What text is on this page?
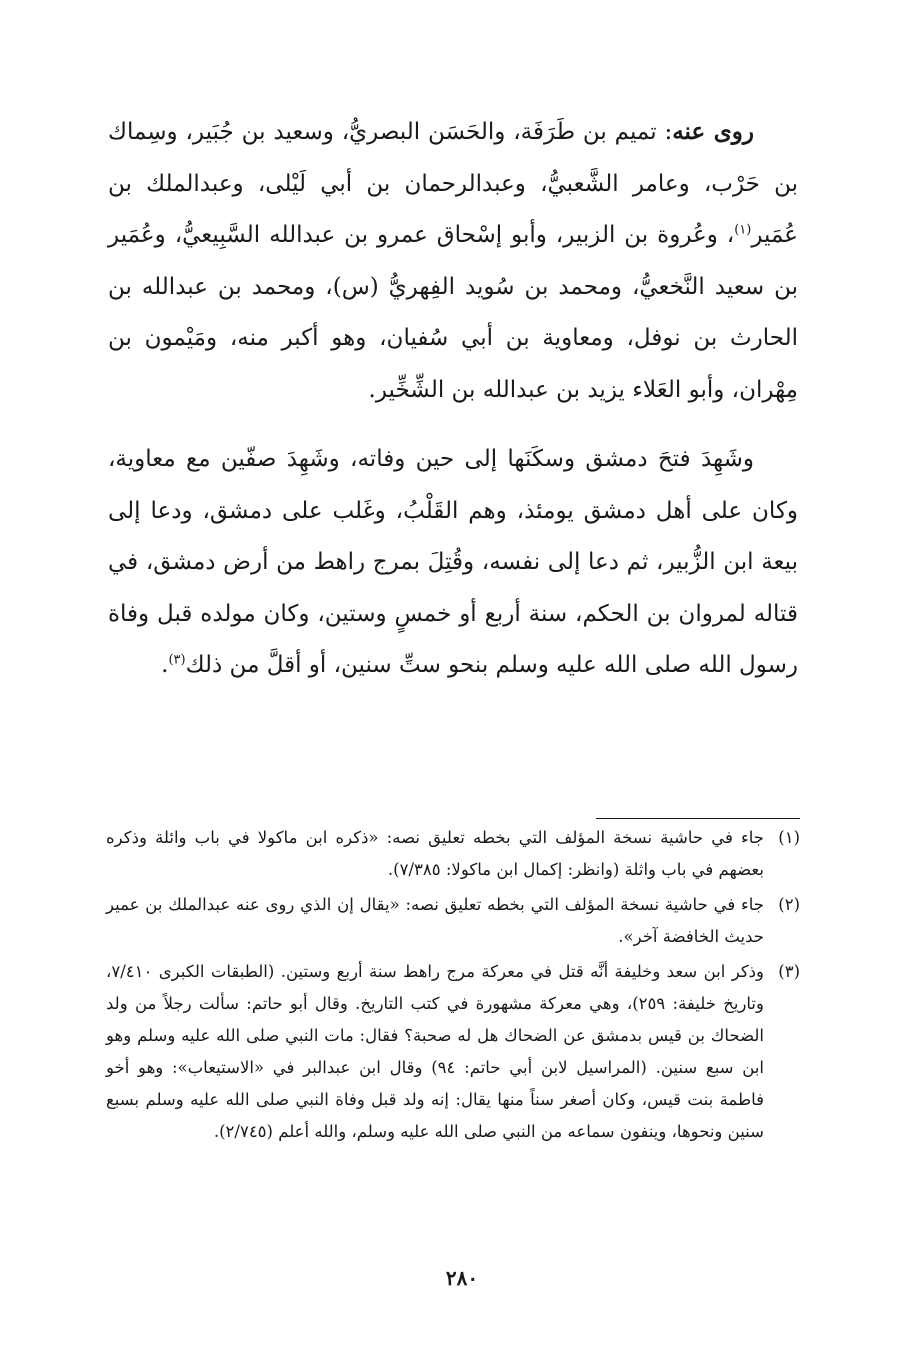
روى عنه: تميم بن طَرَفَة، والحَسَن البصريُّ، وسعيد بن جُبَير، وسِماك بن حَرْب، وعامر الشَّعبيُّ، وعبدالرحمان بن أبي لَيْلى، وعبدالملك بن عُمَير$^{(١)}$، وعُروة بن الزبير، وأبو إسْحاق عمرو بن عبدالله السَّبِيعيُّ، وعُمَير بن سعيد النَّخعيُّ، ومحمد بن سُويد الفِهريُّ (س)، ومحمد بن عبدالله بن الحارث بن نوفل، ومعاوية بن أبي سُفيان، وهو أكبر منه، ومَيْمون بن مِهْران، وأبو العَلاء يزيد بن عبدالله بن الشِّخِّير.

وشَهِدَ فتحَ دمشق وسكَنَها إلى حين وفاته، وشَهِدَ صفّين مع معاوية، وكان على أهل دمشق يومئذ، وهم القَلْبُ، وغَلب على دمشق، ودعا إلى بيعة ابن الزُّبير، ثم دعا إلى نفسه، وقُتِلَ بمرج راهط من أرض دمشق، في قتاله لمروان بن الحكم، سنة أربع أو خمسٍ وستين، وكان مولده قبل وفاة رسول الله صلى الله عليه وسلم بنحو ستِّ سنين، أو أقلَّ من ذلك$^{(٣)}$.

(١)
جاء في حاشية نسخة المؤلف التي بخطه تعليق نصه: «ذكره ابن ماكولا في باب وائلة وذكره بعضهم في باب واثلة (وانظر: إكمال ابن ماكولا: ٧/٣٨٥).
(٢)
جاء في حاشية نسخة المؤلف التي بخطه تعليق نصه: «يقال إن الذي روى عنه عبدالملك بن عمير حديث الخافضة آخر».
(٣)
وذكر ابن سعد وخليفة أنَّه قتل في معركة مرج راهط سنة أربع وستين. (الطبقات الكبرى ٧/٤١٠، وتاريخ خليفة: ٢٥٩)، وهي معركة مشهورة في كتب التاريخ. وقال أبو حاتم: سألت رجلاً من ولد الضحاك بن قيس بدمشق عن الضحاك هل له صحبة؟ فقال: مات النبي صلى الله عليه وسلم وهو ابن سبع سنين. (المراسيل لابن أبي حاتم: ٩٤) وقال ابن عبدالبر في «الاستيعاب»: وهو أخو فاطمة بنت قيس، وكان أصغر سناً منها يقال: إنه ولد قبل وفاة النبي صلى الله عليه وسلم بسبع سنين ونحوها، وينفون سماعه من النبي صلى الله عليه وسلم، والله أعلم (٢/٧٤٥).
٢٨٠
